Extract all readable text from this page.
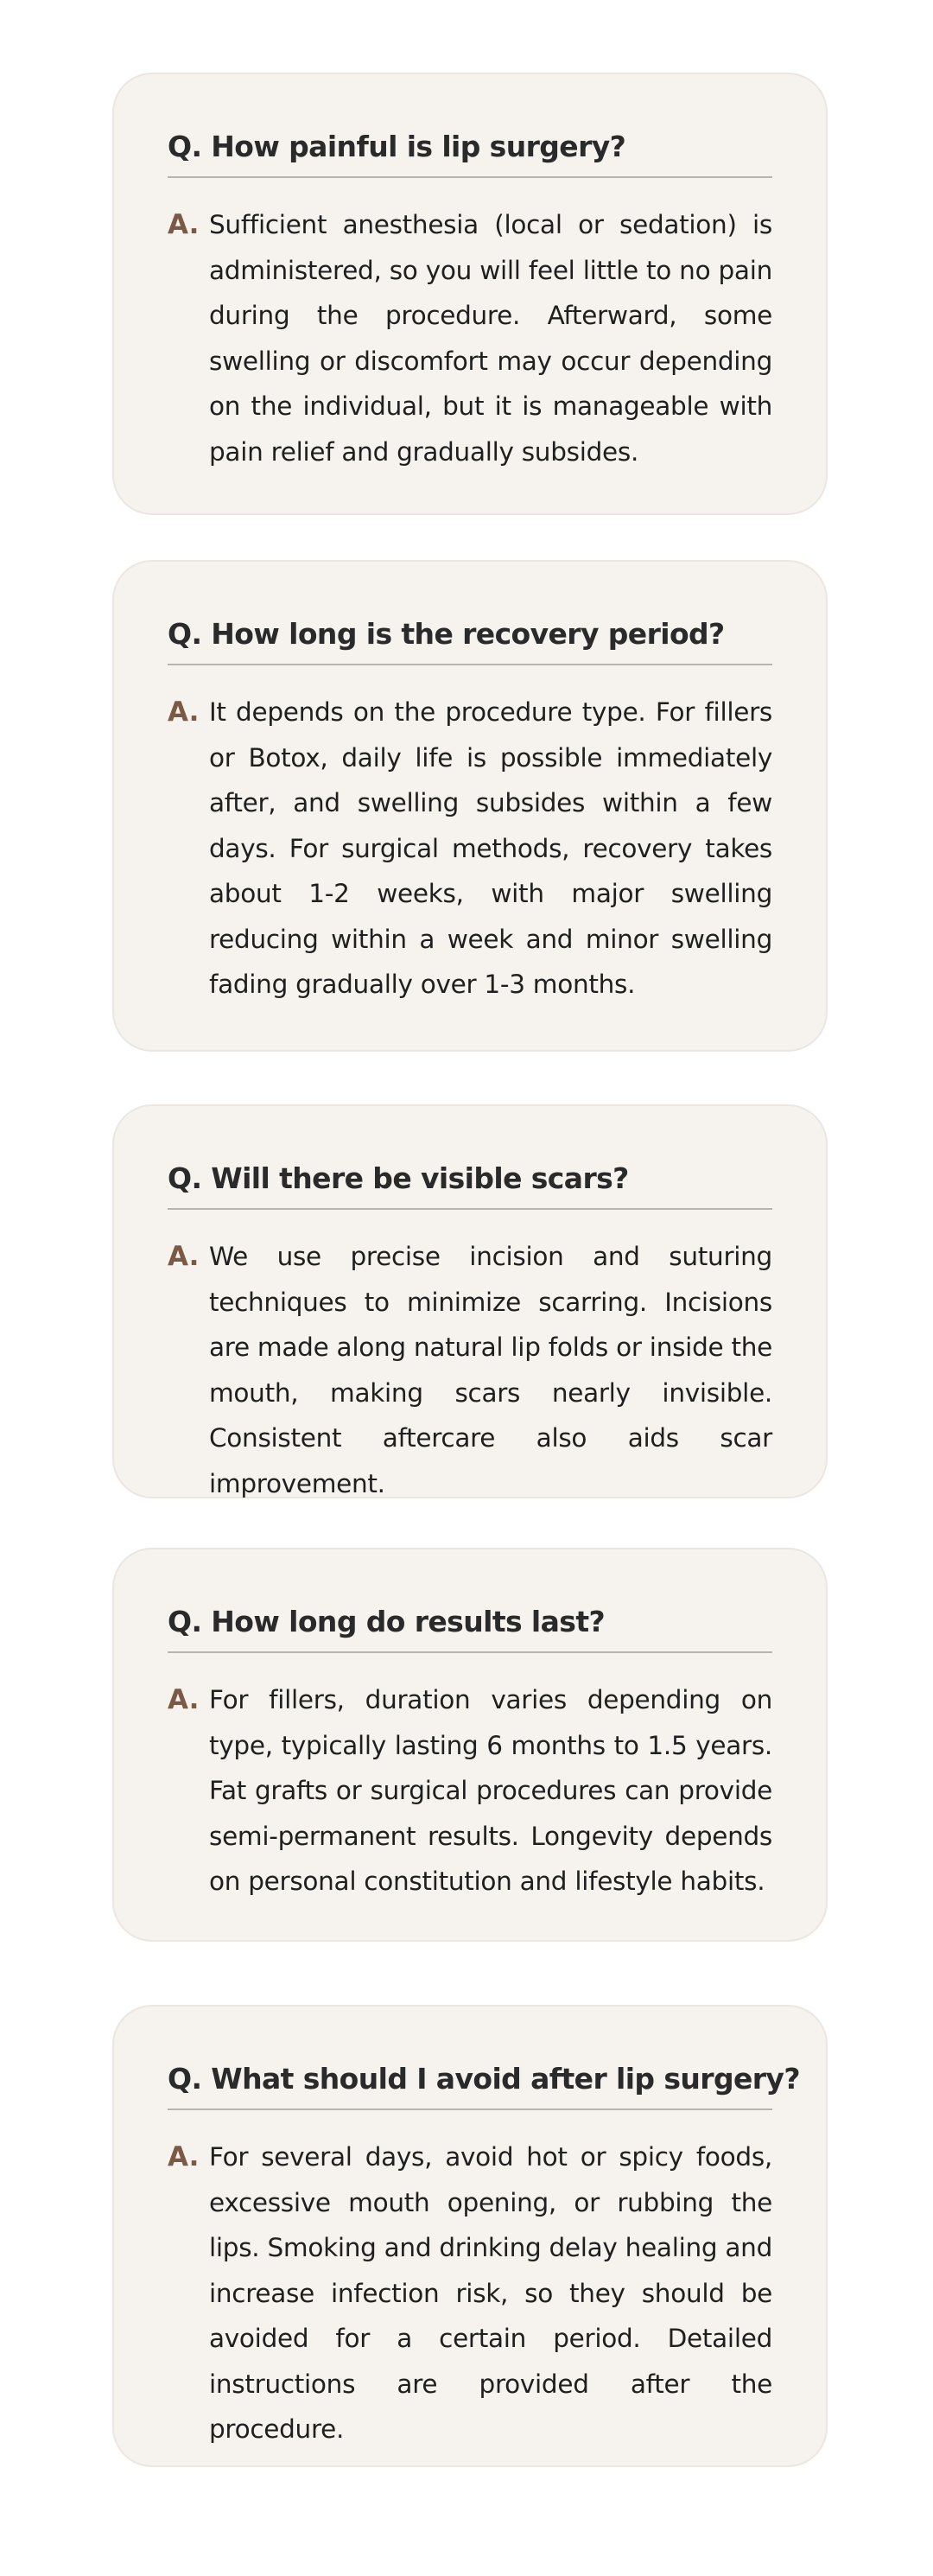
Q. How painful is lip surgery?
A. Sufficient anesthesia (local or sedation) is administered, so you will feel little to no pain during the procedure. Afterward, some swelling or discomfort may occur depending on the individual, but it is manageable with pain relief and gradually subsides.

Q. How long is the recovery period?
A. It depends on the procedure type. For fillers or Botox, daily life is possible immediately after, and swelling subsides within a few days. For surgical methods, recovery takes about 1-2 weeks, with major swelling reducing within a week and minor swelling fading gradually over 1-3 months.

Q. Will there be visible scars?
A. We use precise incision and suturing techniques to minimize scarring. Incisions are made along natural lip folds or inside the mouth, making scars nearly invisible. Consistent aftercare also aids scar improvement.

Q. How long do results last?
A. For fillers, duration varies depending on type, typically lasting 6 months to 1.5 years. Fat grafts or surgical procedures can provide semi-permanent results. Longevity depends on personal constitution and lifestyle habits.

Q. What should I avoid after lip surgery?
A. For several days, avoid hot or spicy foods, excessive mouth opening, or rubbing the lips. Smoking and drinking delay healing and increase infection risk, so they should be avoided for a certain period. Detailed instructions are provided after the procedure.
